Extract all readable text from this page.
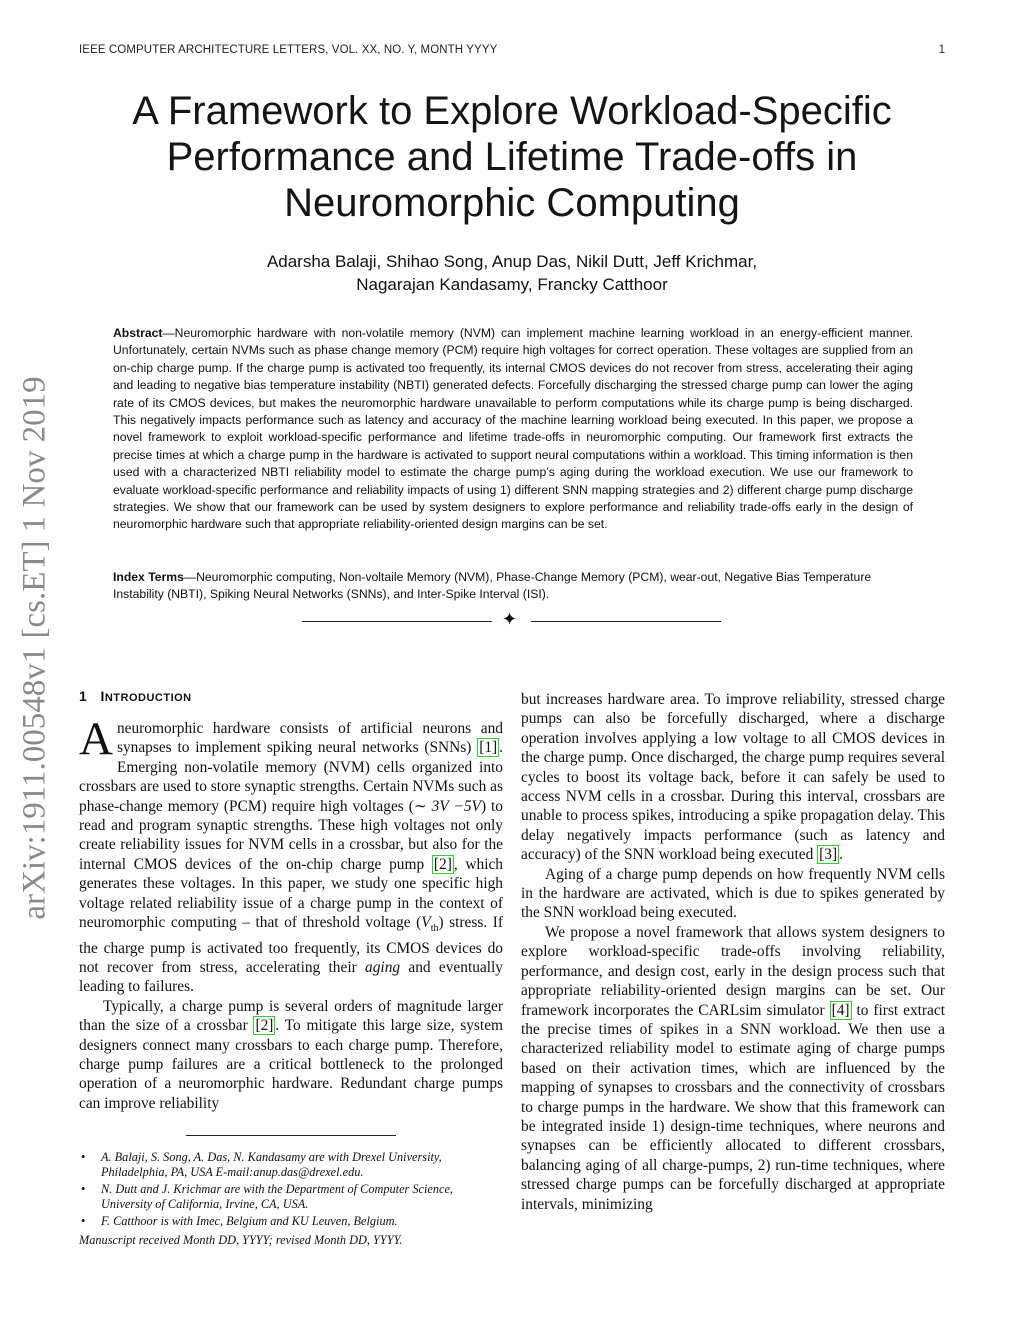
IEEE COMPUTER ARCHITECTURE LETTERS, VOL. XX, NO. Y, MONTH YYYY	1
arXiv:1911.00548v1 [cs.ET] 1 Nov 2019
A Framework to Explore Workload-Specific
Performance and Lifetime Trade-offs in
Neuromorphic Computing
Adarsha Balaji, Shihao Song, Anup Das, Nikil Dutt, Jeff Krichmar,
Nagarajan Kandasamy, Francky Catthoor
Abstract—Neuromorphic hardware with non-volatile memory (NVM) can implement machine learning workload in an energy-efficient manner. Unfortunately, certain NVMs such as phase change memory (PCM) require high voltages for correct operation. These voltages are supplied from an on-chip charge pump. If the charge pump is activated too frequently, its internal CMOS devices do not recover from stress, accelerating their aging and leading to negative bias temperature instability (NBTI) generated defects. Forcefully discharging the stressed charge pump can lower the aging rate of its CMOS devices, but makes the neuromorphic hardware unavailable to perform computations while its charge pump is being discharged. This negatively impacts performance such as latency and accuracy of the machine learning workload being executed. In this paper, we propose a novel framework to exploit workload-specific performance and lifetime trade-offs in neuromorphic computing. Our framework first extracts the precise times at which a charge pump in the hardware is activated to support neural computations within a workload. This timing information is then used with a characterized NBTI reliability model to estimate the charge pump’s aging during the workload execution. We use our framework to evaluate workload-specific performance and reliability impacts of using 1) different SNN mapping strategies and 2) different charge pump discharge strategies. We show that our framework can be used by system designers to explore performance and reliability trade-offs early in the design of neuromorphic hardware such that appropriate reliability-oriented design margins can be set.
Index Terms—Neuromorphic computing, Non-voltaile Memory (NVM), Phase-Change Memory (PCM), wear-out, Negative Bias Temperature Instability (NBTI), Spiking Neural Networks (SNNs), and Inter-Spike Interval (ISI).
✦
1 INTRODUCTION

Aneuromorphic hardware consists of artificial neurons and synapses to implement spiking neural networks (SNNs) [1] . Emerging non-volatile memory (NVM) cells organized into crossbars are used to store synaptic strengths. Certain NVMs such as phase-change memory (PCM) require high voltages (∼ 3V −5V) to read and program synaptic strengths. These high voltages not only create reliability issues for NVM cells in a crossbar, but also for the internal CMOS devices of the on-chip charge pump [2] , which generates these voltages. In this paper, we study one specific high voltage related reliability issue of a charge pump in the context of neuromorphic computing – that of threshold voltage $(V_{th})$ stress. If the charge pump is activated too frequently, its CMOS devices do not recover from stress, accelerating their aging and eventually leading to failures.

Typically, a charge pump is several orders of magnitude larger than the size of a crossbar [2] . To mitigate this large size, system designers connect many crossbars to each charge pump. Therefore, charge pump failures are a critical bottleneck to the prolonged operation of a neuromorphic hardware. Redundant charge pumps can improve reliability

but increases hardware area. To improve reliability, stressed charge pumps can also be forcefully discharged, where a discharge operation involves applying a low voltage to all CMOS devices in the charge pump. Once discharged, the charge pump requires several cycles to boost its voltage back, before it can safely be used to access NVM cells in a crossbar. During this interval, crossbars are unable to process spikes, introducing a spike propagation delay. This delay negatively impacts performance (such as latency and accuracy) of the SNN workload being executed [3] .

Aging of a charge pump depends on how frequently NVM cells in the hardware are activated, which is due to spikes generated by the SNN workload being executed.

We propose a novel framework that allows system designers to explore workload-specific trade-offs involving reliability, performance, and design cost, early in the design process such that appropriate reliability-oriented design margins can be set. Our framework incorporates the CARLsim simulator [4] to first extract the precise times of spikes in a SNN workload. We then use a characterized reliability model to estimate aging of charge pumps based on their activation times, which are influenced by the mapping of synapses to crossbars and the connectivity of crossbars to charge pumps in the hardware. We show that this framework can be integrated inside 1) design-time techniques, where neurons and synapses can be efficiently allocated to different crossbars, balancing aging of all charge-pumps, 2) run-time techniques, where stressed charge pumps can be forcefully discharged at appropriate intervals, minimizing

• A. Balaji, S. Song, A. Das, N. Kandasamy are with Drexel University, Philadelphia, PA, USA E-mail:anup.das@drexel.edu.
• N. Dutt and J. Krichmar are with the Department of Computer Science, University of California, Irvine, CA, USA.
• F. Catthoor is with Imec, Belgium and KU Leuven, Belgium.
Manuscript received Month DD, YYYY; revised Month DD, YYYY.
